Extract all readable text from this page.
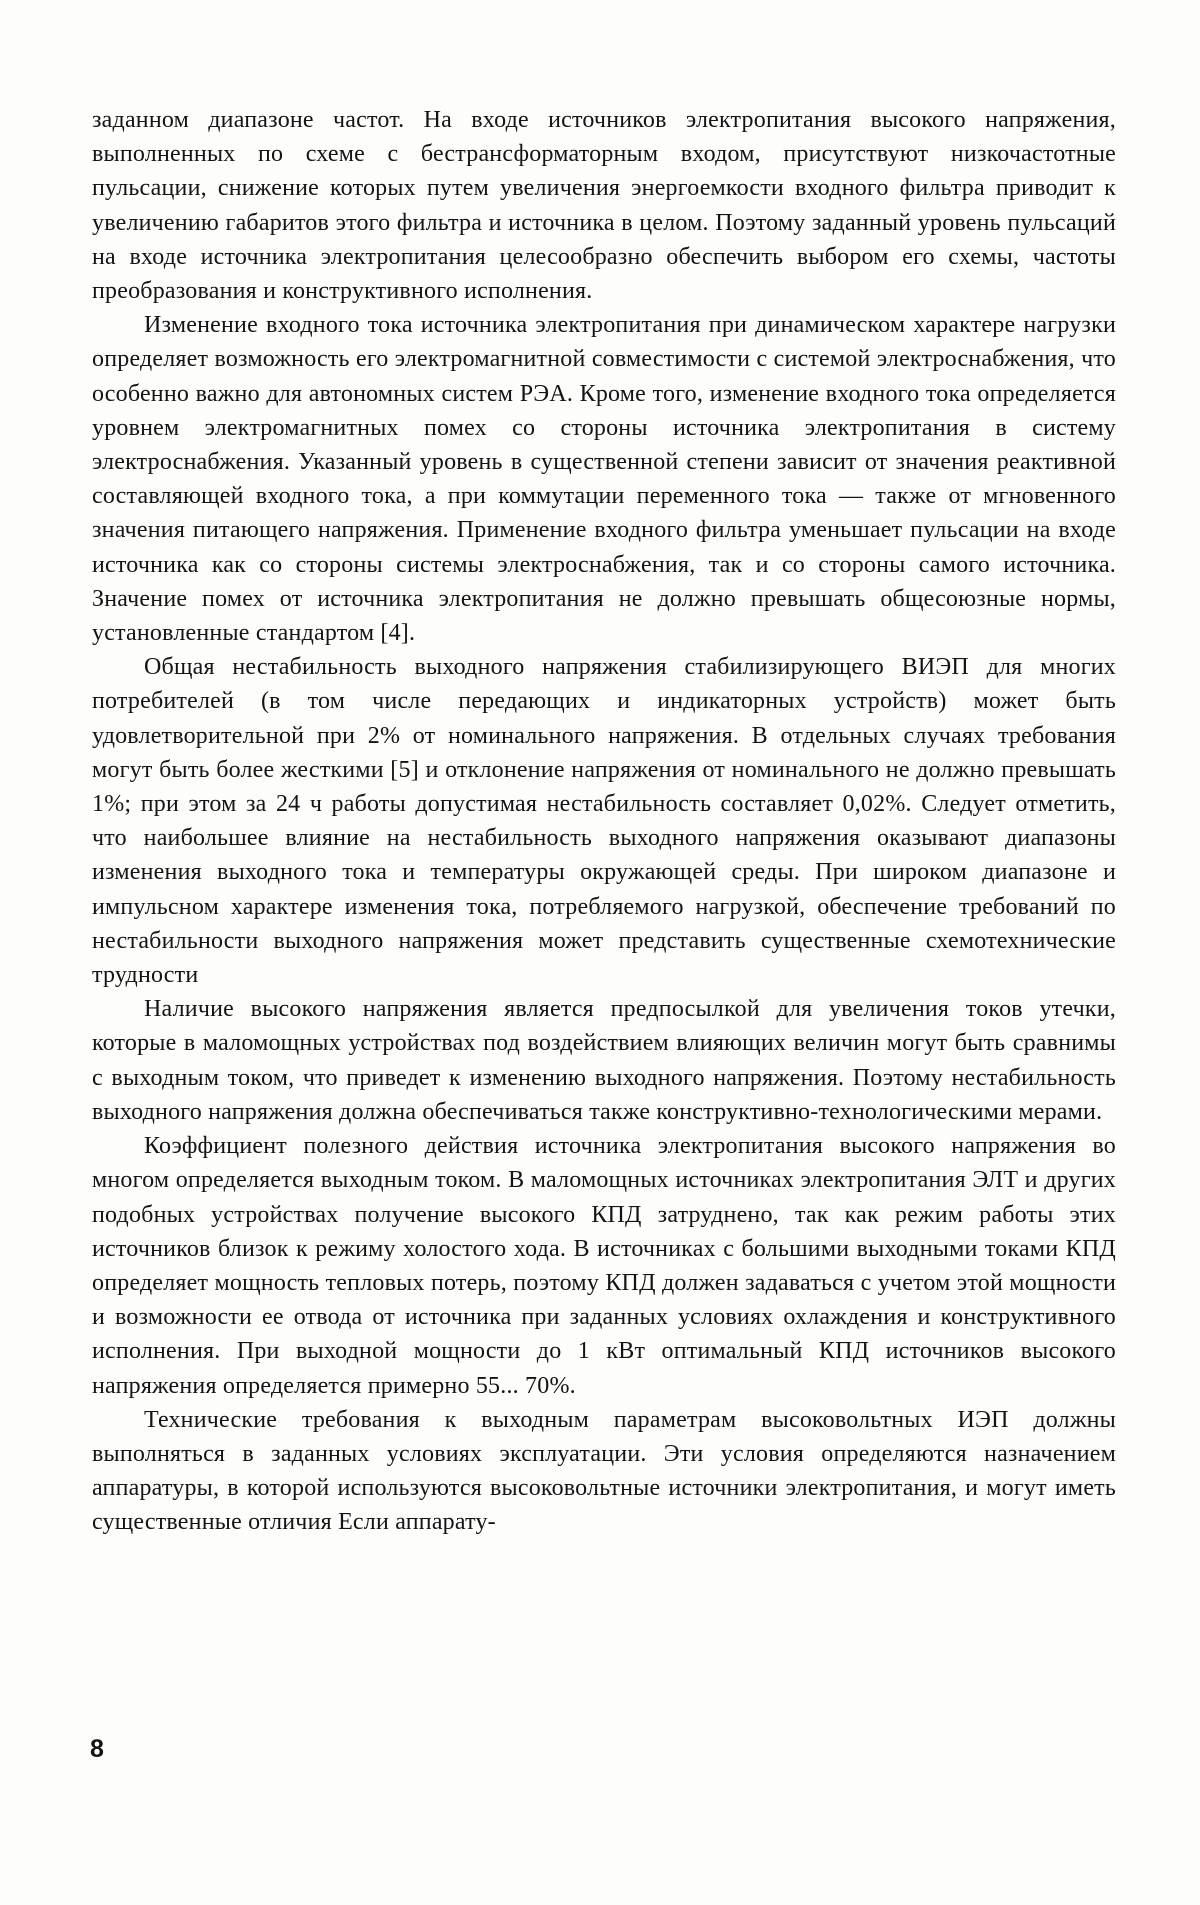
заданном диапазоне частот. На входе источников электропитания высокого напряжения, выполненных по схеме с бестрансформаторным входом, присутствуют низкочастотные пульсации, снижение которых путем увеличения энергоемкости входного фильтра приводит к увеличению габаритов этого фильтра и источника в целом. Поэтому заданный уровень пульсаций на входе источника электропитания целесообразно обеспечить выбором его схемы, частоты преобразования и конструктивного исполнения.

Изменение входного тока источника электропитания при динамическом характере нагрузки определяет возможность его электромагнитной совместимости с системой электроснабжения, что особенно важно для автономных систем РЭА. Кроме того, изменение входного тока определяется уровнем электромагнитных помех со стороны источника электропитания в систему электроснабжения. Указанный уровень в существенной степени зависит от значения реактивной составляющей входного тока, а при коммутации переменного тока — также от мгновенного значения питающего напряжения. Применение входного фильтра уменьшает пульсации на входе источника как со стороны системы электроснабжения, так и со стороны самого источника. Значение помех от источника электропитания не должно превышать общесоюзные нормы, установленные стандартом [4].

Общая нестабильность выходного напряжения стабилизирующего ВИЭП для многих потребителей (в том числе передающих и индикаторных устройств) может быть удовлетворительной при 2% от номинального напряжения. В отдельных случаях требования могут быть более жесткими [5] и отклонение напряжения от номинального не должно превышать 1%; при этом за 24 ч работы допустимая нестабильность составляет 0,02%. Следует отметить, что наибольшее влияние на нестабильность выходного напряжения оказывают диапазоны изменения выходного тока и температуры окружающей среды. При широком диапазоне и импульсном характере изменения тока, потребляемого нагрузкой, обеспечение требований по нестабильности выходного напряжения может представить существенные схемотехнические трудности

Наличие высокого напряжения является предпосылкой для увеличения токов утечки, которые в маломощных устройствах под воздействием влияющих величин могут быть сравнимы с выходным током, что приведет к изменению выходного напряжения. Поэтому нестабильность выходного напряжения должна обеспечиваться также конструктивно-технологическими мерами.

Коэффициент полезного действия источника электропитания высокого напряжения во многом определяется выходным током. В маломощных источниках электропитания ЭЛТ и других подобных устройствах получение высокого КПД затруднено, так как режим работы этих источников близок к режиму холостого хода. В источниках с большими выходными токами КПД определяет мощность тепловых потерь, поэтому КПД должен задаваться с учетом этой мощности и возможности ее отвода от источника при заданных условиях охлаждения и конструктивного исполнения. При выходной мощности до 1 кВт оптимальный КПД источников высокого напряжения определяется примерно 55... 70%.

Технические требования к выходным параметрам высоковольтных ИЭП должны выполняться в заданных условиях эксплуатации. Эти условия определяются назначением аппаратуры, в которой используются высоковольтные источники электропитания, и могут иметь существенные отличия Если аппарату-

8
